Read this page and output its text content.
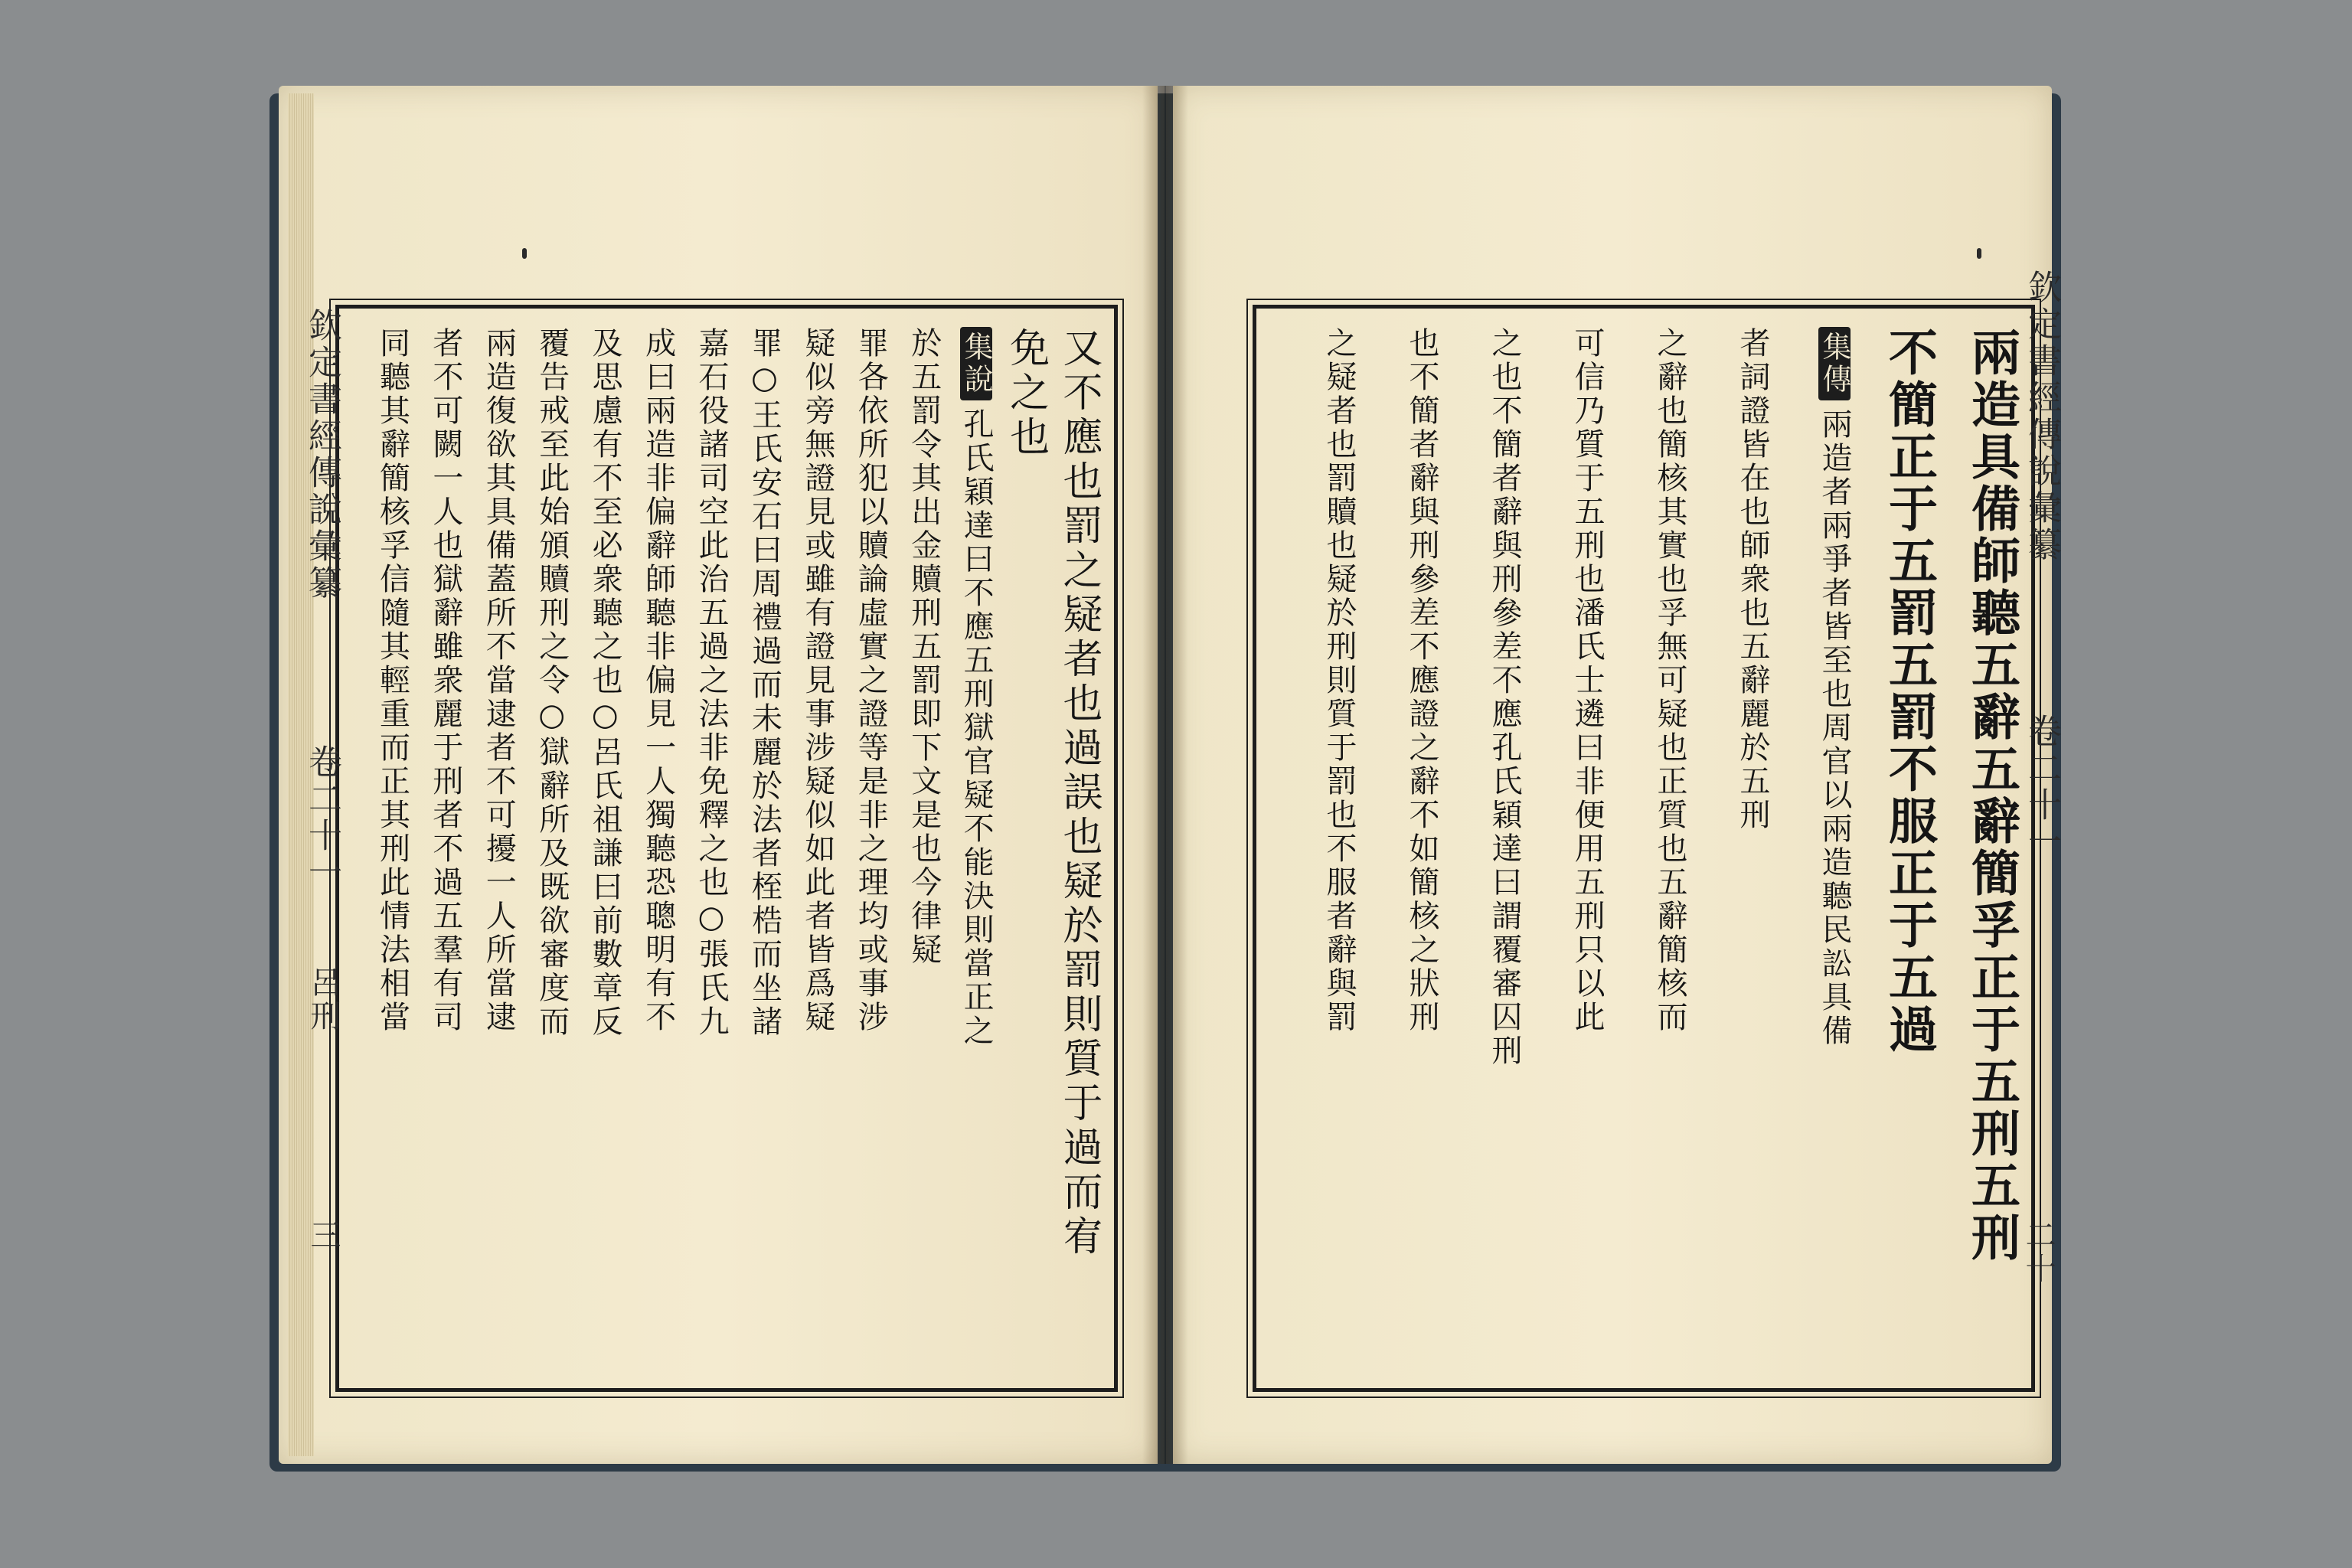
又不應也罰之疑者也過誤也疑於罰則質于過而宥
免之也
集說孔氏穎達曰不應五刑獄官疑不能決則當正之
於五罰令其出金贖刑五罰即下文是也今律疑
罪各依所犯以贖論虛實之證等是非之理均或事涉
疑似旁無證見或雖有證見事涉疑似如此者皆爲疑
罪○王氏安石曰周禮過而未麗於法者桎梏而坐諸
嘉石役諸司空此治五過之法非免釋之也○張氏九
成曰兩造非偏辭師聽非偏見一人獨聽恐聰明有不
及思慮有不至必衆聽之也○呂氏祖謙曰前數章反
覆告戒至此始頒贖刑之令○獄辭所及既欲審度而
兩造復欲其具備蓋所不當逮者不可擾一人所當逮
者不可闕一人也獄辭雖衆麗于刑者不過五羣有司
同聽其辭簡核孚信隨其輕重而正其刑此情法相當
欽定書經傳說彙纂
卷二十一
呂刑
三	兩造具備師聽五辭五辭簡孚正于五刑五刑
不簡正于五罰五罰不服正于五過
集傳兩造者兩爭者皆至也周官以兩造聽民訟具備
者詞證皆在也師衆也五辭麗於五刑
之辭也簡核其實也孚無可疑也正質也五辭簡核而
可信乃質于五刑也潘氏士遴曰非便用五刑只以此
之也不簡者辭與刑參差不應孔氏穎達曰謂覆審囚刑
也不簡者辭與刑參差不應證之辭不如簡核之狀刑
之疑者也罰贖也疑於刑則質于罰也不服者辭與罰	欽定書經傳說彙纂
卷二十一
二十
